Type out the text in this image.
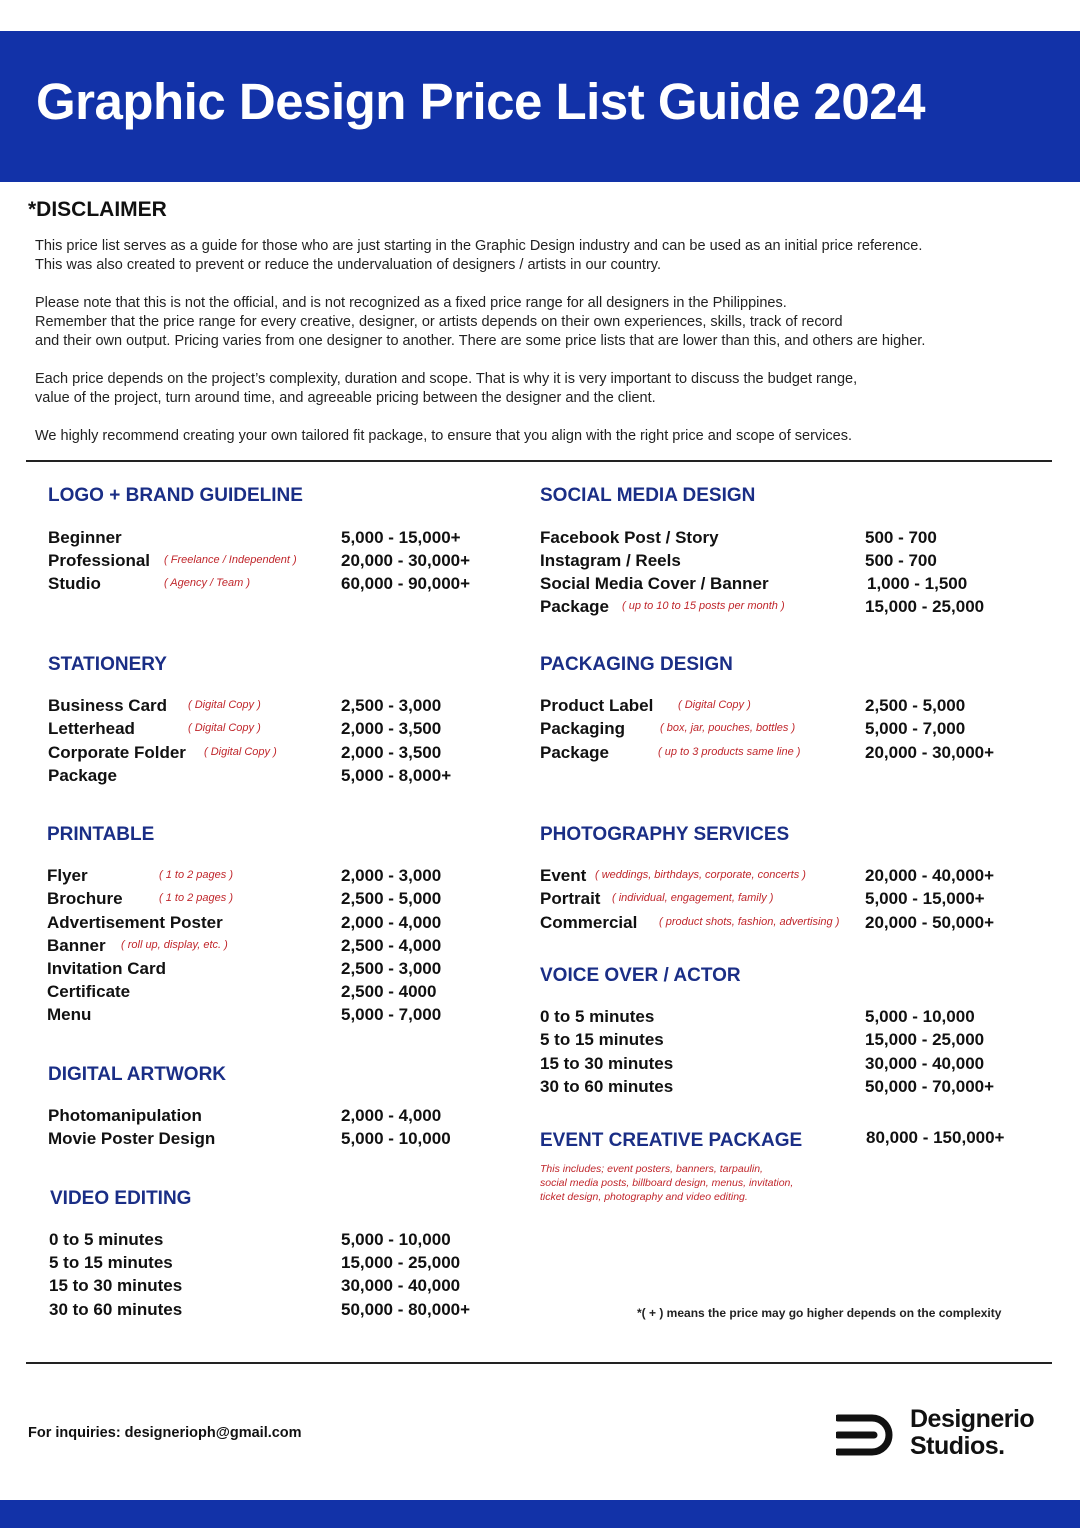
Graphic Design Price List Guide 2024
*DISCLAIMER
This price list serves as a guide for those who are just starting in the Graphic Design industry and can be used as an initial price reference.
This was also created to prevent or reduce the undervaluation of designers / artists in our country.
Please note that this is not the official, and is not recognized as a fixed price range for all designers in the Philippines.
Remember that the price range for every creative, designer, or artists depends on their own experiences, skills, track of record
and their own output. Pricing varies from one designer to another. There are some price lists that are lower than this, and others are higher.
Each price depends on the project’s complexity, duration and scope. That is why it is very important to discuss the budget range,
value of the project, turn around time, and agreeable pricing between the designer and the client.
We highly recommend creating your own tailored fit package, to ensure that you align with the right price and scope of services.
LOGO + BRAND GUIDELINE
Beginner	5,000 - 15,000+
Professional ( Freelance / Independent )	20,000 - 30,000+
Studio	( Agency / Team )	60,000 - 90,000+
STATIONERY
Business Card ( Digital Copy )	2,500 - 3,000
Letterhead	( Digital Copy )	2,000 - 3,500
Corporate Folder ( Digital Copy )	2,000 - 3,500
Package	5,000 - 8,000+
PRINTABLE
Flyer	( 1 to 2 pages )	2,000 - 3,000
Brochure	( 1 to 2 pages )	2,500 - 5,000
Advertisement Poster	2,000 - 4,000
Banner ( roll up, display, etc. )	2,500 - 4,000
Invitation Card	2,500 - 3,000
Certificate	2,500 - 4000
Menu	5,000 - 7,000
DIGITAL ARTWORK
Photomanipulation	2,000 - 4,000
Movie Poster Design	5,000 - 10,000
VIDEO EDITING
0 to 5 minutes	5,000 - 10,000
5 to 15 minutes	15,000 - 25,000
15 to 30 minutes	30,000 - 40,000
30 to 60 minutes	50,000 - 80,000+
SOCIAL MEDIA DESIGN
Facebook Post / Story	500 - 700
Instagram / Reels	500 - 700
Social Media Cover / Banner	1,000 - 1,500
Package ( up to 10 to 15 posts per month )	15,000 - 25,000
PACKAGING DESIGN
Product Label ( Digital Copy )	2,500 - 5,000
Packaging	( box, jar, pouches, bottles )	5,000 - 7,000
Package	( up to 3 products same line )	20,000 - 30,000+
PHOTOGRAPHY SERVICES
Event ( weddings, birthdays, corporate, concerts )	20,000 - 40,000+
Portrait ( individual, engagement, family )	5,000 - 15,000+
Commercial ( product shots, fashion, advertising ) 20,000 - 50,000+
VOICE OVER / ACTOR
0 to 5 minutes	5,000 - 10,000
5 to 15 minutes	15,000 - 25,000
15 to 30 minutes	30,000 - 40,000
30 to 60 minutes	50,000 - 70,000+
EVENT CREATIVE PACKAGE	80,000 - 150,000+
This includes; event posters, banners, tarpaulin,
social media posts, billboard design, menus, invitation,
ticket design, photography and video editing.
*( + ) means the price may go higher depends on the complexity
For inquiries: designerioph@gmail.com	Designerio
Studios.
